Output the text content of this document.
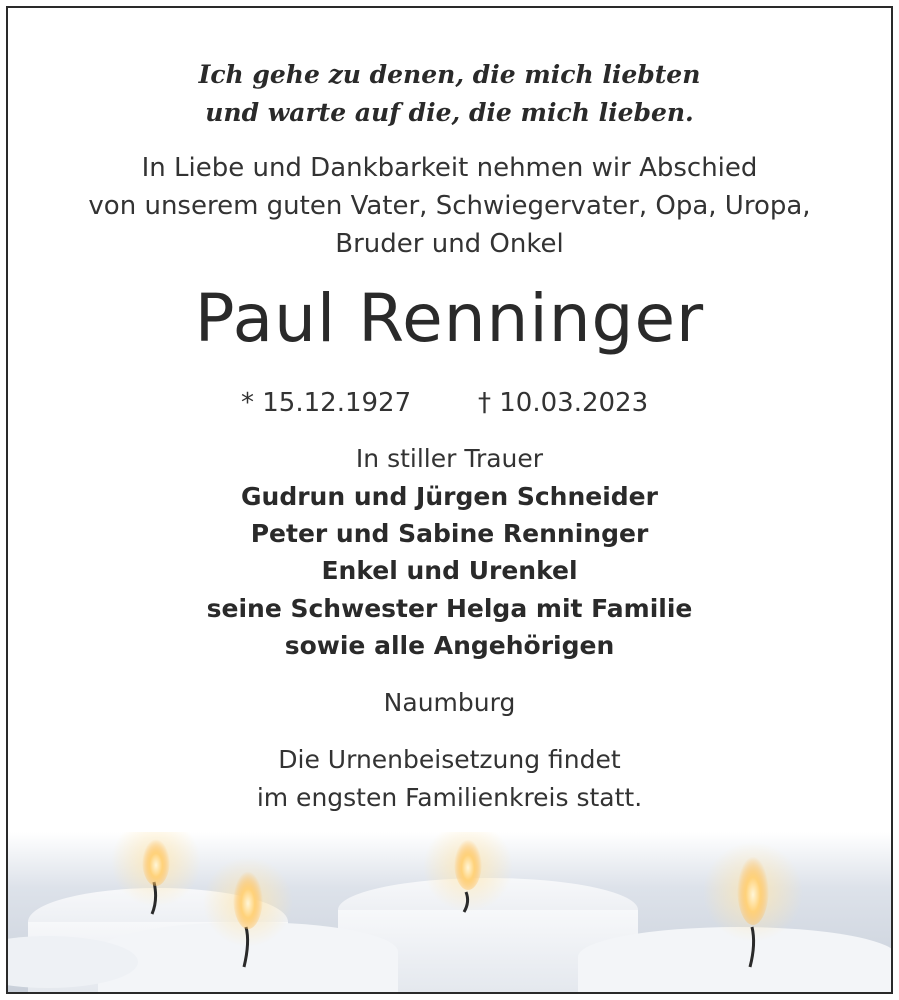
Ich gehe zu denen, die mich liebten
und warte auf die, die mich lieben.
In Liebe und Dankbarkeit nehmen wir Abschied
von unserem guten Vater, Schwiegervater, Opa, Uropa,
Bruder und Onkel
Paul Renninger
* 15.12.1927	† 10.03.2023
In stiller Trauer
Gudrun und Jürgen Schneider
Peter und Sabine Renninger
Enkel und Urenkel
seine Schwester Helga mit Familie
sowie alle Angehörigen
Naumburg
Die Urnenbeisetzung findet
im engsten Familienkreis statt.
